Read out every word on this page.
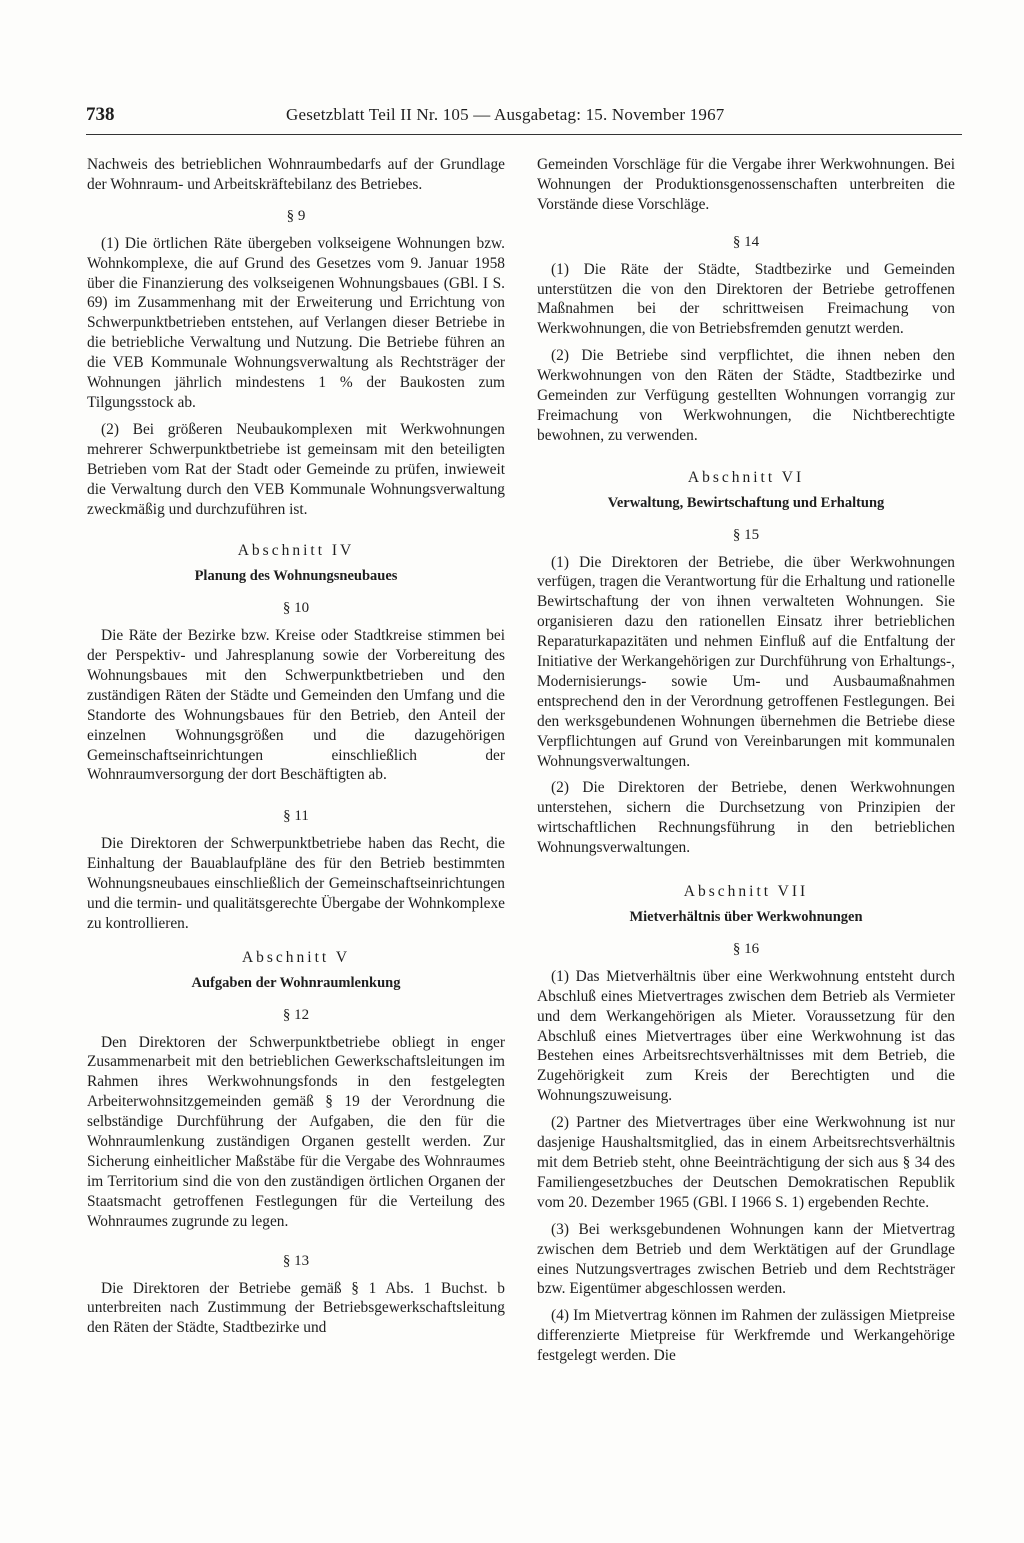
738	Gesetzblatt Teil II Nr. 105 — Ausgabetag: 15. November 1967

Nachweis des betrieblichen Wohnraumbedarfs auf der Grundlage der Wohnraum- und Arbeitskräftebilanz des Betriebes.

§ 9

(1) Die örtlichen Räte übergeben volkseigene Wohnungen bzw. Wohnkomplexe, die auf Grund des Gesetzes vom 9. Januar 1958 über die Finanzierung des volkseigenen Wohnungsbaues (GBl. I S. 69) im Zusammenhang mit der Erweiterung und Errichtung von Schwerpunktbetrieben entstehen, auf Verlangen dieser Betriebe in die betriebliche Verwaltung und Nutzung. Die Betriebe führen an die VEB Kommunale Wohnungsverwaltung als Rechtsträger der Wohnungen jährlich mindestens 1 % der Baukosten zum Tilgungsstock ab.

(2) Bei größeren Neubaukomplexen mit Werkwohnungen mehrerer Schwerpunktbetriebe ist gemeinsam mit den beteiligten Betrieben vom Rat der Stadt oder Gemeinde zu prüfen, inwieweit die Verwaltung durch den VEB Kommunale Wohnungsverwaltung zweckmäßig und durchzuführen ist.

Abschnitt IV
Planung des Wohnungsneubaues
§ 10

Die Räte der Bezirke bzw. Kreise oder Stadtkreise stimmen bei der Perspektiv- und Jahresplanung sowie der Vorbereitung des Wohnungsbaues mit den Schwerpunktbetrieben und den zuständigen Räten der Städte und Gemeinden den Umfang und die Standorte des Wohnungsbaues für den Betrieb, den Anteil der einzelnen Wohnungsgrößen und die dazugehörigen Gemeinschaftseinrichtungen einschließlich der Wohnraumversorgung der dort Beschäftigten ab.

§ 11

Die Direktoren der Schwerpunktbetriebe haben das Recht, die Einhaltung der Bauablaufpläne des für den Betrieb bestimmten Wohnungsneubaues einschließlich der Gemeinschaftseinrichtungen und die termin- und qualitätsgerechte Übergabe der Wohnkomplexe zu kontrollieren.

Abschnitt V
Aufgaben der Wohnraumlenkung
§ 12

Den Direktoren der Schwerpunktbetriebe obliegt in enger Zusammenarbeit mit den betrieblichen Gewerkschaftsleitungen im Rahmen ihres Werkwohnungsfonds in den festgelegten Arbeiterwohnsitzgemeinden gemäß § 19 der Verordnung die selbständige Durchführung der Aufgaben, die den für die Wohnraumlenkung zuständigen Organen gestellt werden. Zur Sicherung einheitlicher Maßstäbe für die Vergabe des Wohnraumes im Territorium sind die von den zuständigen örtlichen Organen der Staatsmacht getroffenen Festlegungen für die Verteilung des Wohnraumes zugrunde zu legen.

§ 13

Die Direktoren der Betriebe gemäß § 1 Abs. 1 Buchst. b unterbreiten nach Zustimmung der Betriebsgewerkschaftsleitung den Räten der Städte, Stadtbezirke und

Gemeinden Vorschläge für die Vergabe ihrer Werkwohnungen. Bei Wohnungen der Produktionsgenossenschaften unterbreiten die Vorstände diese Vorschläge.

§ 14

(1) Die Räte der Städte, Stadtbezirke und Gemeinden unterstützen die von den Direktoren der Betriebe getroffenen Maßnahmen bei der schrittweisen Freimachung von Werkwohnungen, die von Betriebsfremden genutzt werden.

(2) Die Betriebe sind verpflichtet, die ihnen neben den Werkwohnungen von den Räten der Städte, Stadtbezirke und Gemeinden zur Verfügung gestellten Wohnungen vorrangig zur Freimachung von Werkwohnungen, die Nichtberechtigte bewohnen, zu verwenden.

Abschnitt VI
Verwaltung, Bewirtschaftung und Erhaltung
§ 15

(1) Die Direktoren der Betriebe, die über Werkwohnungen verfügen, tragen die Verantwortung für die Erhaltung und rationelle Bewirtschaftung der von ihnen verwalteten Wohnungen. Sie organisieren dazu den rationellen Einsatz ihrer betrieblichen Reparaturkapazitäten und nehmen Einfluß auf die Entfaltung der Initiative der Werkangehörigen zur Durchführung von Erhaltungs-, Modernisierungs- sowie Um- und Ausbaumaßnahmen entsprechend den in der Verordnung getroffenen Festlegungen. Bei den werksgebundenen Wohnungen übernehmen die Betriebe diese Verpflichtungen auf Grund von Vereinbarungen mit kommunalen Wohnungsverwaltungen.

(2) Die Direktoren der Betriebe, denen Werkwohnungen unterstehen, sichern die Durchsetzung von Prinzipien der wirtschaftlichen Rechnungsführung in den betrieblichen Wohnungsverwaltungen.

Abschnitt VII
Mietverhältnis über Werkwohnungen
§ 16

(1) Das Mietverhältnis über eine Werkwohnung entsteht durch Abschluß eines Mietvertrages zwischen dem Betrieb als Vermieter und dem Werkangehörigen als Mieter. Voraussetzung für den Abschluß eines Mietvertrages über eine Werkwohnung ist das Bestehen eines Arbeitsrechtsverhältnisses mit dem Betrieb, die Zugehörigkeit zum Kreis der Berechtigten und die Wohnungszuweisung.

(2) Partner des Mietvertrages über eine Werkwohnung ist nur dasjenige Haushaltsmitglied, das in einem Arbeitsrechtsverhältnis mit dem Betrieb steht, ohne Beeinträchtigung der sich aus § 34 des Familiengesetzbuches der Deutschen Demokratischen Republik vom 20. Dezember 1965 (GBl. I 1966 S. 1) ergebenden Rechte.

(3) Bei werksgebundenen Wohnungen kann der Mietvertrag zwischen dem Betrieb und dem Werktätigen auf der Grundlage eines Nutzungsvertrages zwischen Betrieb und dem Rechtsträger bzw. Eigentümer abgeschlossen werden.

(4) Im Mietvertrag können im Rahmen der zulässigen Mietpreise differenzierte Mietpreise für Werkfremde und Werkangehörige festgelegt werden. Die
